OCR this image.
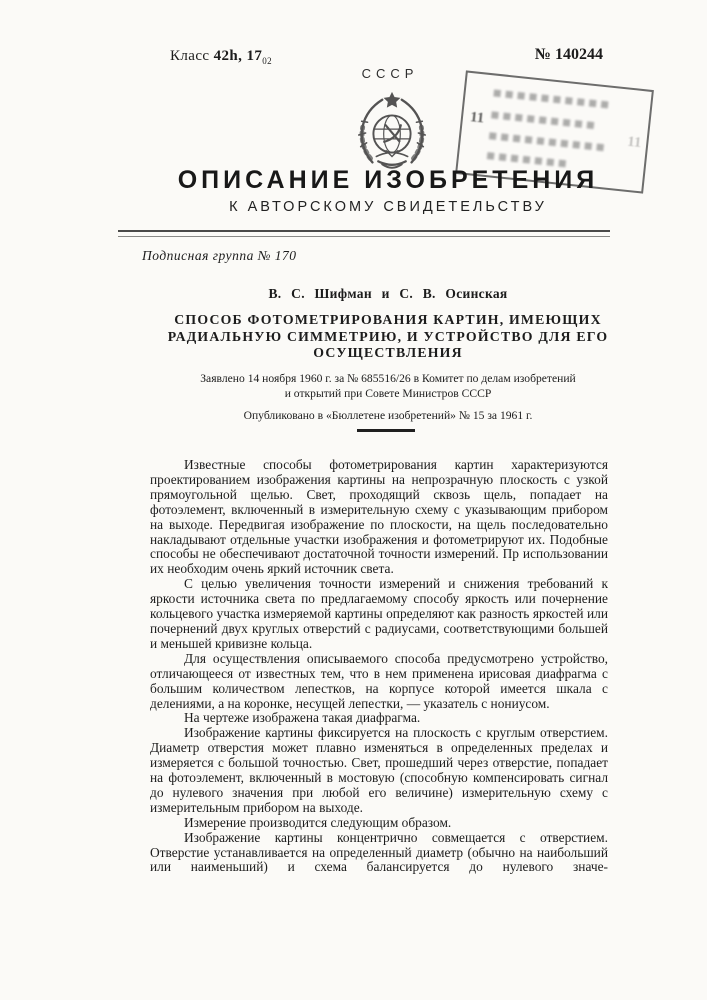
Класс 42h, $17_{02}$	№ 140244
СССР
11
11
ОПИСАНИЕ ИЗОБРЕТЕНИЯ
К АВТОРСКОМУ СВИДЕТЕЛЬСТВУ
Подписная группа № 170
В. С. Шифман и С. В. Осинская
СПОСОБ ФОТОМЕТРИРОВАНИЯ КАРТИН, ИМЕЮЩИХ
РАДИАЛЬНУЮ СИММЕТРИЮ, И УСТРОЙСТВО ДЛЯ ЕГО
ОСУЩЕСТВЛЕНИЯ
Заявлено 14 ноября 1960 г. за № 685516/26 в Комитет по делам изобретений
и открытий при Совете Министров СССР
Опубликовано в «Бюллетене изобретений» № 15 за 1961 г.

Известные способы фотометрирования картин характеризуются проектированием изображения картины на непрозрачную плоскость с узкой прямоугольной щелью. Свет, проходящий сквозь щель, попадает на фотоэлемент, включенный в измерительную схему с указывающим прибором на выходе. Передвигая изображение по плоскости, на щель последовательно накладывают отдельные участки изображения и фотометрируют их. Подобные способы не обеспечивают достаточной точности измерений. Пр использовании их необходим очень яркий источник света.

С целью увеличения точности измерений и снижения требований к яркости источника света по предлагаемому способу яркость или почернение кольцевого участка измеряемой картины определяют как разность яркостей или почернений двух круглых отверстий с радиусами, соответствующими большей и меньшей кривизне кольца.

Для осуществления описываемого способа предусмотрено устройство, отличающееся от известных тем, что в нем применена ирисовая диафрагма с большим количеством лепестков, на корпусе которой имеется шкала с делениями, а на коронке, несущей лепестки, — указатель с нониусом.

На чертеже изображена такая диафрагма.

Изображение картины фиксируется на плоскость с круглым отверстием. Диаметр отверстия может плавно изменяться в определенных пределах и измеряется с большой точностью. Свет, прошедший через отверстие, попадает на фотоэлемент, включенный в мостовую (способную компенсировать сигнал до нулевого значения при любой его величине) измерительную схему с измерительным прибором на выходе.

Измерение производится следующим образом.

Изображение картины концентрично совмещается с отверстием. Отверстие устанавливается на определенный диаметр (обычно на наибольший или наименьший) и схема балансируется до нулевого значе-
